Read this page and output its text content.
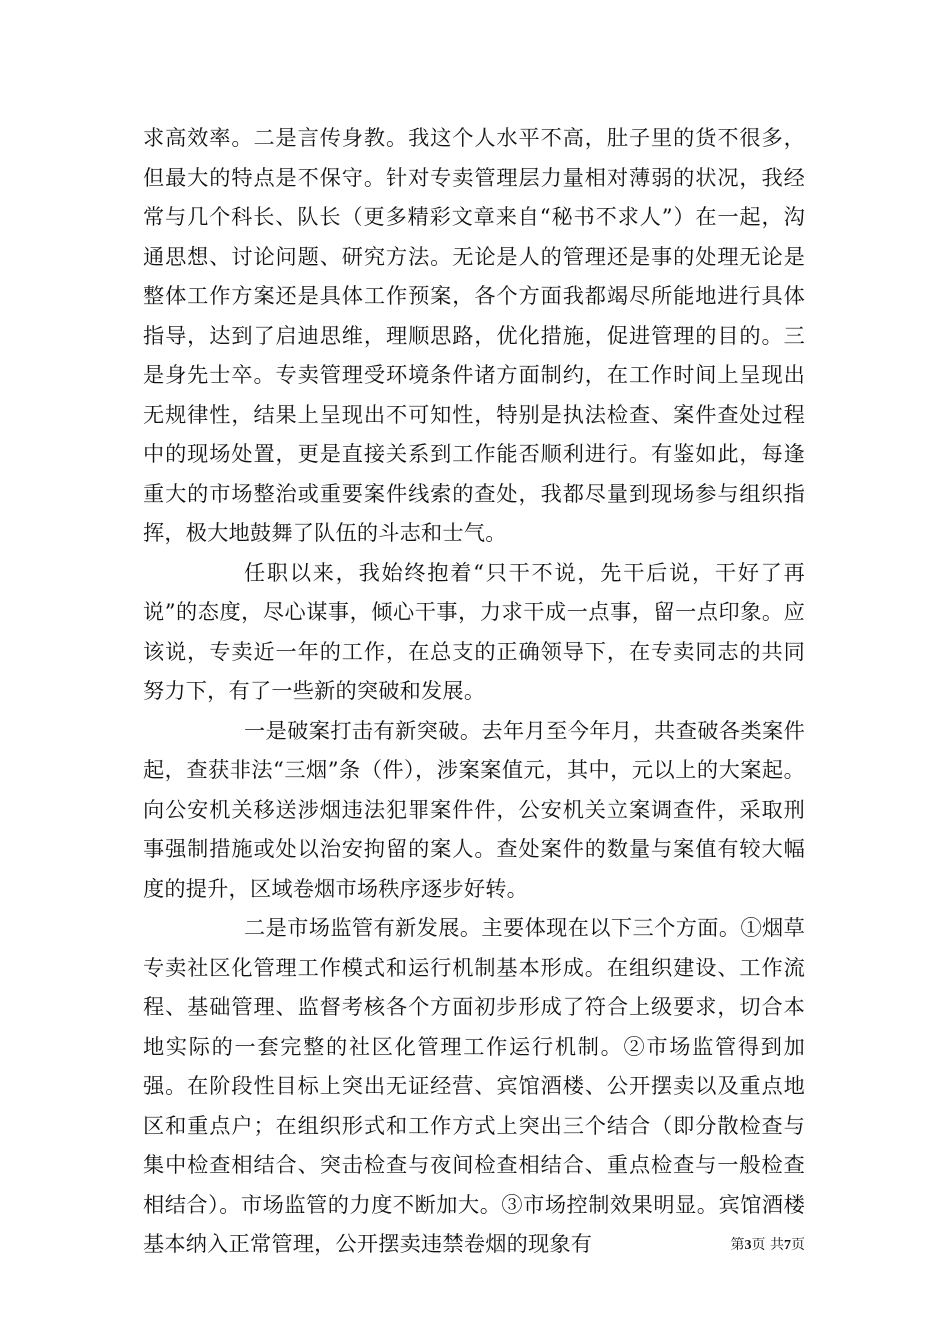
求高效率。二是言传身教。我这个人水平不高，肚子里的货不很多，但最大的特点是不保守。针对专卖管理层力量相对薄弱的状况，我经常与几个科长、队长（更多精彩文章来自“秘书不求人”）在一起，沟通思想、讨论问题、研究方法。无论是人的管理还是事的处理无论是整体工作方案还是具体工作预案，各个方面我都竭尽所能地进行具体指导，达到了启迪思维，理顺思路，优化措施，促进管理的目的。三是身先士卒。专卖管理受环境条件诸方面制约，在工作时间上呈现出无规律性，结果上呈现出不可知性，特别是执法检查、案件查处过程中的现场处置，更是直接关系到工作能否顺利进行。有鉴如此，每逢重大的市场整治或重要案件线索的查处，我都尽量到现场参与组织指挥，极大地鼓舞了队伍的斗志和士气。

任职以来，我始终抱着“只干不说，先干后说，干好了再说”的态度，尽心谋事，倾心干事，力求干成一点事，留一点印象。应该说，专卖近一年的工作，在总支的正确领导下，在专卖同志的共同努力下，有了一些新的突破和发展。

一是破案打击有新突破。去年月至今年月，共查破各类案件起，查获非法“三烟”条（件），涉案案值元，其中，元以上的大案起。向公安机关移送涉烟违法犯罪案件件，公安机关立案调查件，采取刑事强制措施或处以治安拘留的案人。查处案件的数量与案值有较大幅度的提升，区域卷烟市场秩序逐步好转。

二是市场监管有新发展。主要体现在以下三个方面。①烟草专卖社区化管理工作模式和运行机制基本形成。在组织建设、工作流程、基础管理、监督考核各个方面初步形成了符合上级要求，切合本地实际的一套完整的社区化管理工作运行机制。②市场监管得到加强。在阶段性目标上突出无证经营、宾馆酒楼、公开摆卖以及重点地区和重点户；在组织形式和工作方式上突出三个结合（即分散检查与集中检查相结合、突击检查与夜间检查相结合、重点检查与一般检查相结合）。市场监管的力度不断加大。③市场控制效果明显。宾馆酒楼基本纳入正常管理，公开摆卖违禁卷烟的现象有	第3页 共7页
